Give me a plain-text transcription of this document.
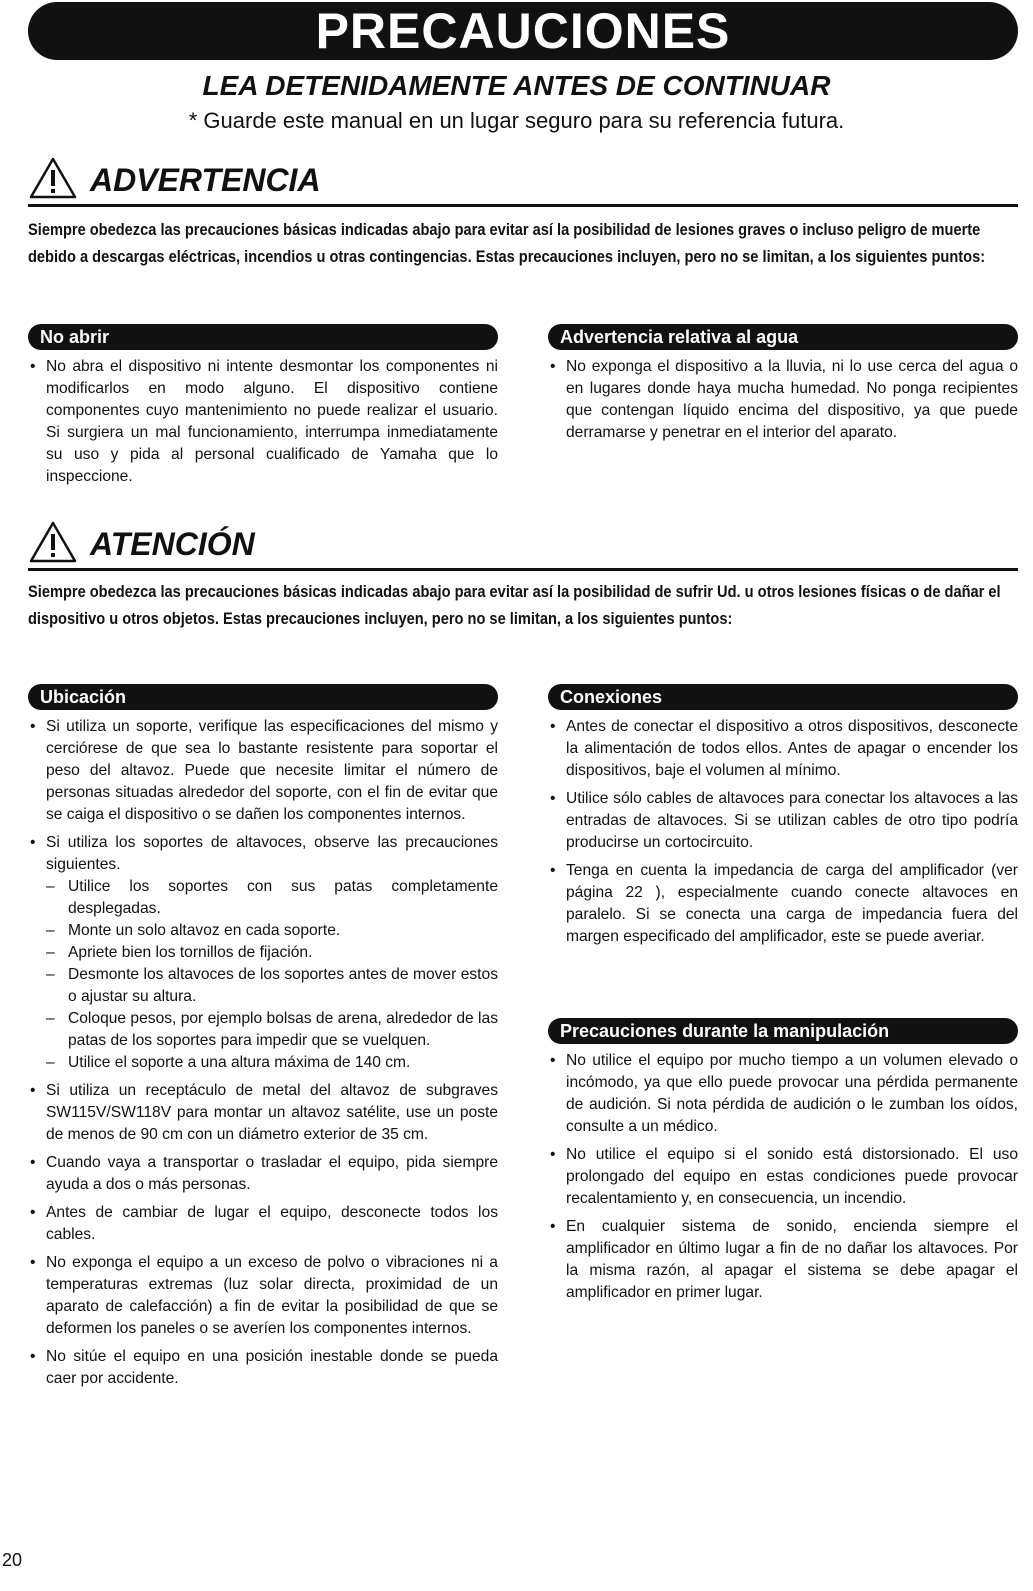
PRECAUCIONES
LEA DETENIDAMENTE ANTES DE CONTINUAR
* Guarde este manual en un lugar seguro para su referencia futura.
ADVERTENCIA
Siempre obedezca las precauciones básicas indicadas abajo para evitar así la posibilidad de lesiones graves o incluso peligro de muerte debido a descargas eléctricas, incendios u otras contingencias. Estas precauciones incluyen, pero no se limitan, a los siguientes puntos:
No abrir
• No abra el dispositivo ni intente desmontar los componentes ni modificarlos en modo alguno. El dispositivo contiene componentes cuyo mantenimiento no puede realizar el usuario. Si surgiera un mal funcionamiento, interrumpa inmediatamente su uso y pida al personal cualificado de Yamaha que lo inspeccione.
Advertencia relativa al agua
• No exponga el dispositivo a la lluvia, ni lo use cerca del agua o en lugares donde haya mucha humedad. No ponga recipientes que contengan líquido encima del dispositivo, ya que puede derramarse y penetrar en el interior del aparato.
ATENCIÓN
Siempre obedezca las precauciones básicas indicadas abajo para evitar así la posibilidad de sufrir Ud. u otros lesiones físicas o de dañar el dispositivo u otros objetos. Estas precauciones incluyen, pero no se limitan, a los siguientes puntos:
Ubicación
• Si utiliza un soporte, verifique las especificaciones del mismo y cerciórese de que sea lo bastante resistente para soportar el peso del altavoz. Puede que necesite limitar el número de personas situadas alrededor del soporte, con el fin de evitar que se caiga el dispositivo o se dañen los componentes internos.
• Si utiliza los soportes de altavoces, observe las precauciones siguientes.
– Utilice los soportes con sus patas completamente desplegadas.
– Monte un solo altavoz en cada soporte.
– Apriete bien los tornillos de fijación.
– Desmonte los altavoces de los soportes antes de mover estos o ajustar su altura.
– Coloque pesos, por ejemplo bolsas de arena, alrededor de las patas de los soportes para impedir que se vuelquen.
– Utilice el soporte a una altura máxima de 140 cm.
• Si utiliza un receptáculo de metal del altavoz de subgraves SW115V/SW118V para montar un altavoz satélite, use un poste de menos de 90 cm con un diámetro exterior de 35 cm.
• Cuando vaya a transportar o trasladar el equipo, pida siempre ayuda a dos o más personas.
• Antes de cambiar de lugar el equipo, desconecte todos los cables.
• No exponga el equipo a un exceso de polvo o vibraciones ni a temperaturas extremas (luz solar directa, proximidad de un aparato de calefacción) a fin de evitar la posibilidad de que se deformen los paneles o se averíen los componentes internos.
• No sitúe el equipo en una posición inestable donde se pueda caer por accidente.
Conexiones
• Antes de conectar el dispositivo a otros dispositivos, desconecte la alimentación de todos ellos. Antes de apagar o encender los dispositivos, baje el volumen al mínimo.
• Utilice sólo cables de altavoces para conectar los altavoces a las entradas de altavoces. Si se utilizan cables de otro tipo podría producirse un cortocircuito.
• Tenga en cuenta la impedancia de carga del amplificador (ver página 22 ), especialmente cuando conecte altavoces en paralelo. Si se conecta una carga de impedancia fuera del margen especificado del amplificador, este se puede averiar.
Precauciones durante la manipulación
• No utilice el equipo por mucho tiempo a un volumen elevado o incómodo, ya que ello puede provocar una pérdida permanente de audición. Si nota pérdida de audición o le zumban los oídos, consulte a un médico.
• No utilice el equipo si el sonido está distorsionado. El uso prolongado del equipo en estas condiciones puede provocar recalentamiento y, en consecuencia, un incendio.
• En cualquier sistema de sonido, encienda siempre el amplificador en último lugar a fin de no dañar los altavoces. Por la misma razón, al apagar el sistema se debe apagar el amplificador en primer lugar.
20
